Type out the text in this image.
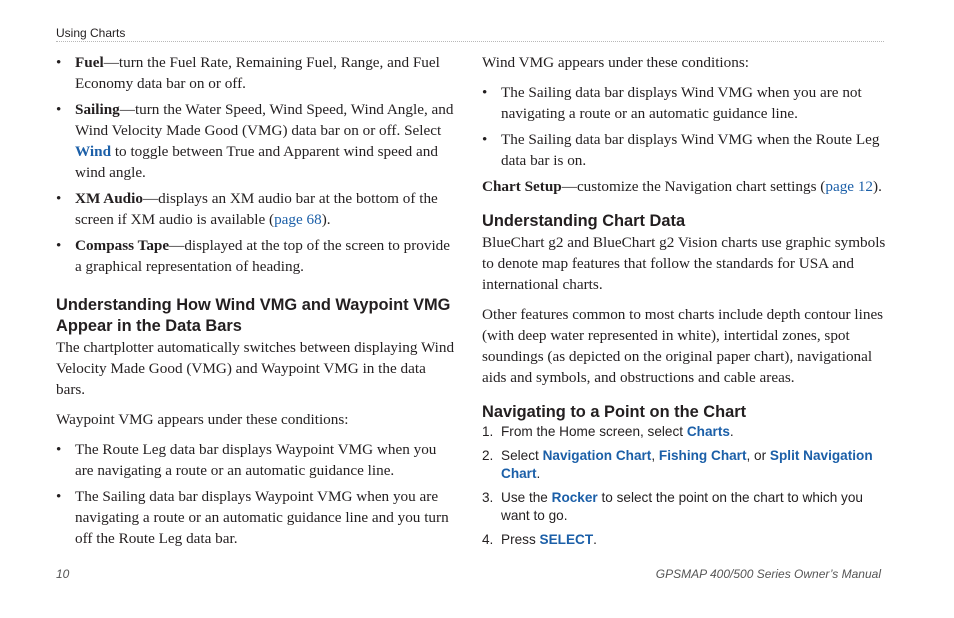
Using Charts
• Fuel—turn the Fuel Rate, Remaining Fuel, Range, and Fuel Economy data bar on or off.
• Sailing—turn the Water Speed, Wind Speed, Wind Angle, and Wind Velocity Made Good (VMG) data bar on or off. Select Wind to toggle between True and Apparent wind speed and wind angle.
• XM Audio—displays an XM audio bar at the bottom of the screen if XM audio is available (page 68).
• Compass Tape—displayed at the top of the screen to provide a graphical representation of heading.
Understanding How Wind VMG and Waypoint VMG Appear in the Data Bars
The chartplotter automatically switches between displaying Wind Velocity Made Good (VMG) and Waypoint VMG in the data bars.
Waypoint VMG appears under these conditions:
• The Route Leg data bar displays Waypoint VMG when you are navigating a route or an automatic guidance line.
• The Sailing data bar displays Waypoint VMG when you are navigating a route or an automatic guidance line and you turn off the Route Leg data bar.
Wind VMG appears under these conditions:
• The Sailing data bar displays Wind VMG when you are not navigating a route or an automatic guidance line.
• The Sailing data bar displays Wind VMG when the Route Leg data bar is on.
Chart Setup—customize the Navigation chart settings (page 12).
Understanding Chart Data
BlueChart g2 and BlueChart g2 Vision charts use graphic symbols to denote map features that follow the standards for USA and international charts.
Other features common to most charts include depth contour lines (with deep water represented in white), intertidal zones, spot soundings (as depicted on the original paper chart), navigational aids and symbols, and obstructions and cable areas.
Navigating to a Point on the Chart
1. From the Home screen, select Charts.
2. Select Navigation Chart, Fishing Chart, or Split Navigation Chart.
3. Use the Rocker to select the point on the chart to which you want to go.
4. Press SELECT.
10	GPSMAP 400/500 Series Owner’s Manual
